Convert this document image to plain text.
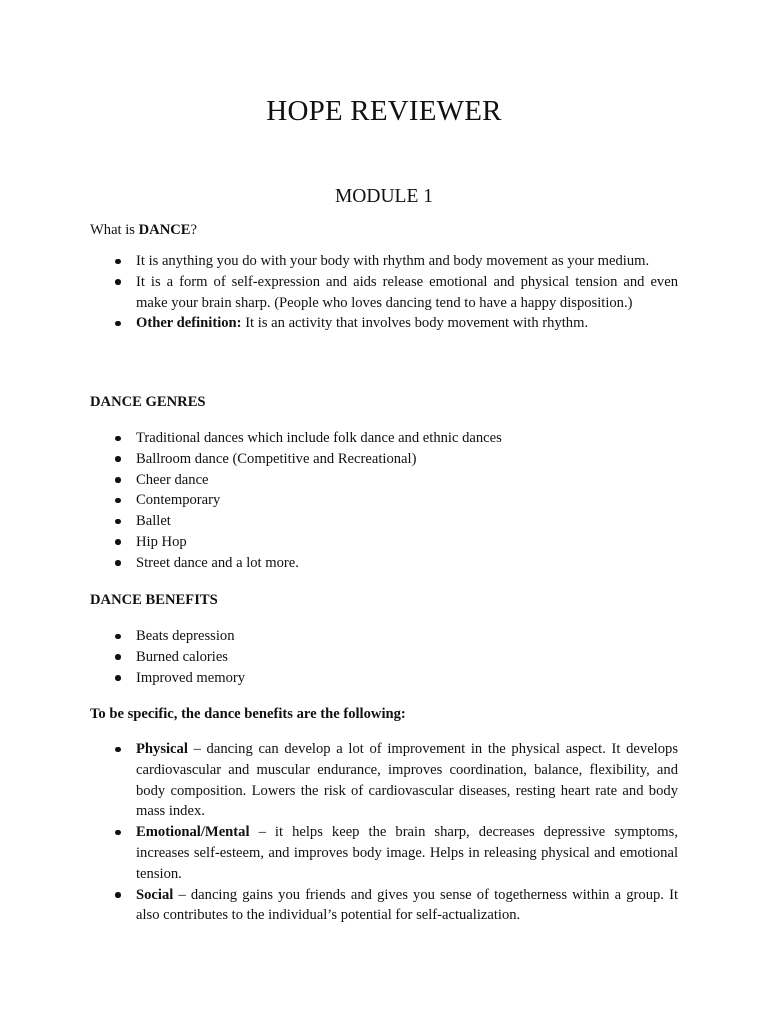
HOPE REVIEWER
MODULE 1

What is DANCE?

It is anything you do with your body with rhythm and body movement as your medium.
It is a form of self-expression and aids release emotional and physical tension and even make your brain sharp. (People who loves dancing tend to have a happy disposition.)
Other definition: It is an activity that involves body movement with rhythm.

DANCE GENRES

Traditional dances which include folk dance and ethnic dances
Ballroom dance (Competitive and Recreational)
Cheer dance
Contemporary
Ballet
Hip Hop
Street dance and a lot more.

DANCE BENEFITS

Beats depression
Burned calories
Improved memory

To be specific, the dance benefits are the following:

Physical – dancing can develop a lot of improvement in the physical aspect. It develops cardiovascular and muscular endurance, improves coordination, balance, flexibility, and body composition. Lowers the risk of cardiovascular diseases, resting heart rate and body mass index.
Emotional/Mental – it helps keep the brain sharp, decreases depressive symptoms, increases self-esteem, and improves body image. Helps in releasing physical and emotional tension.
Social – dancing gains you friends and gives you sense of togetherness within a group. It also contributes to the individual’s potential for self-actualization.
